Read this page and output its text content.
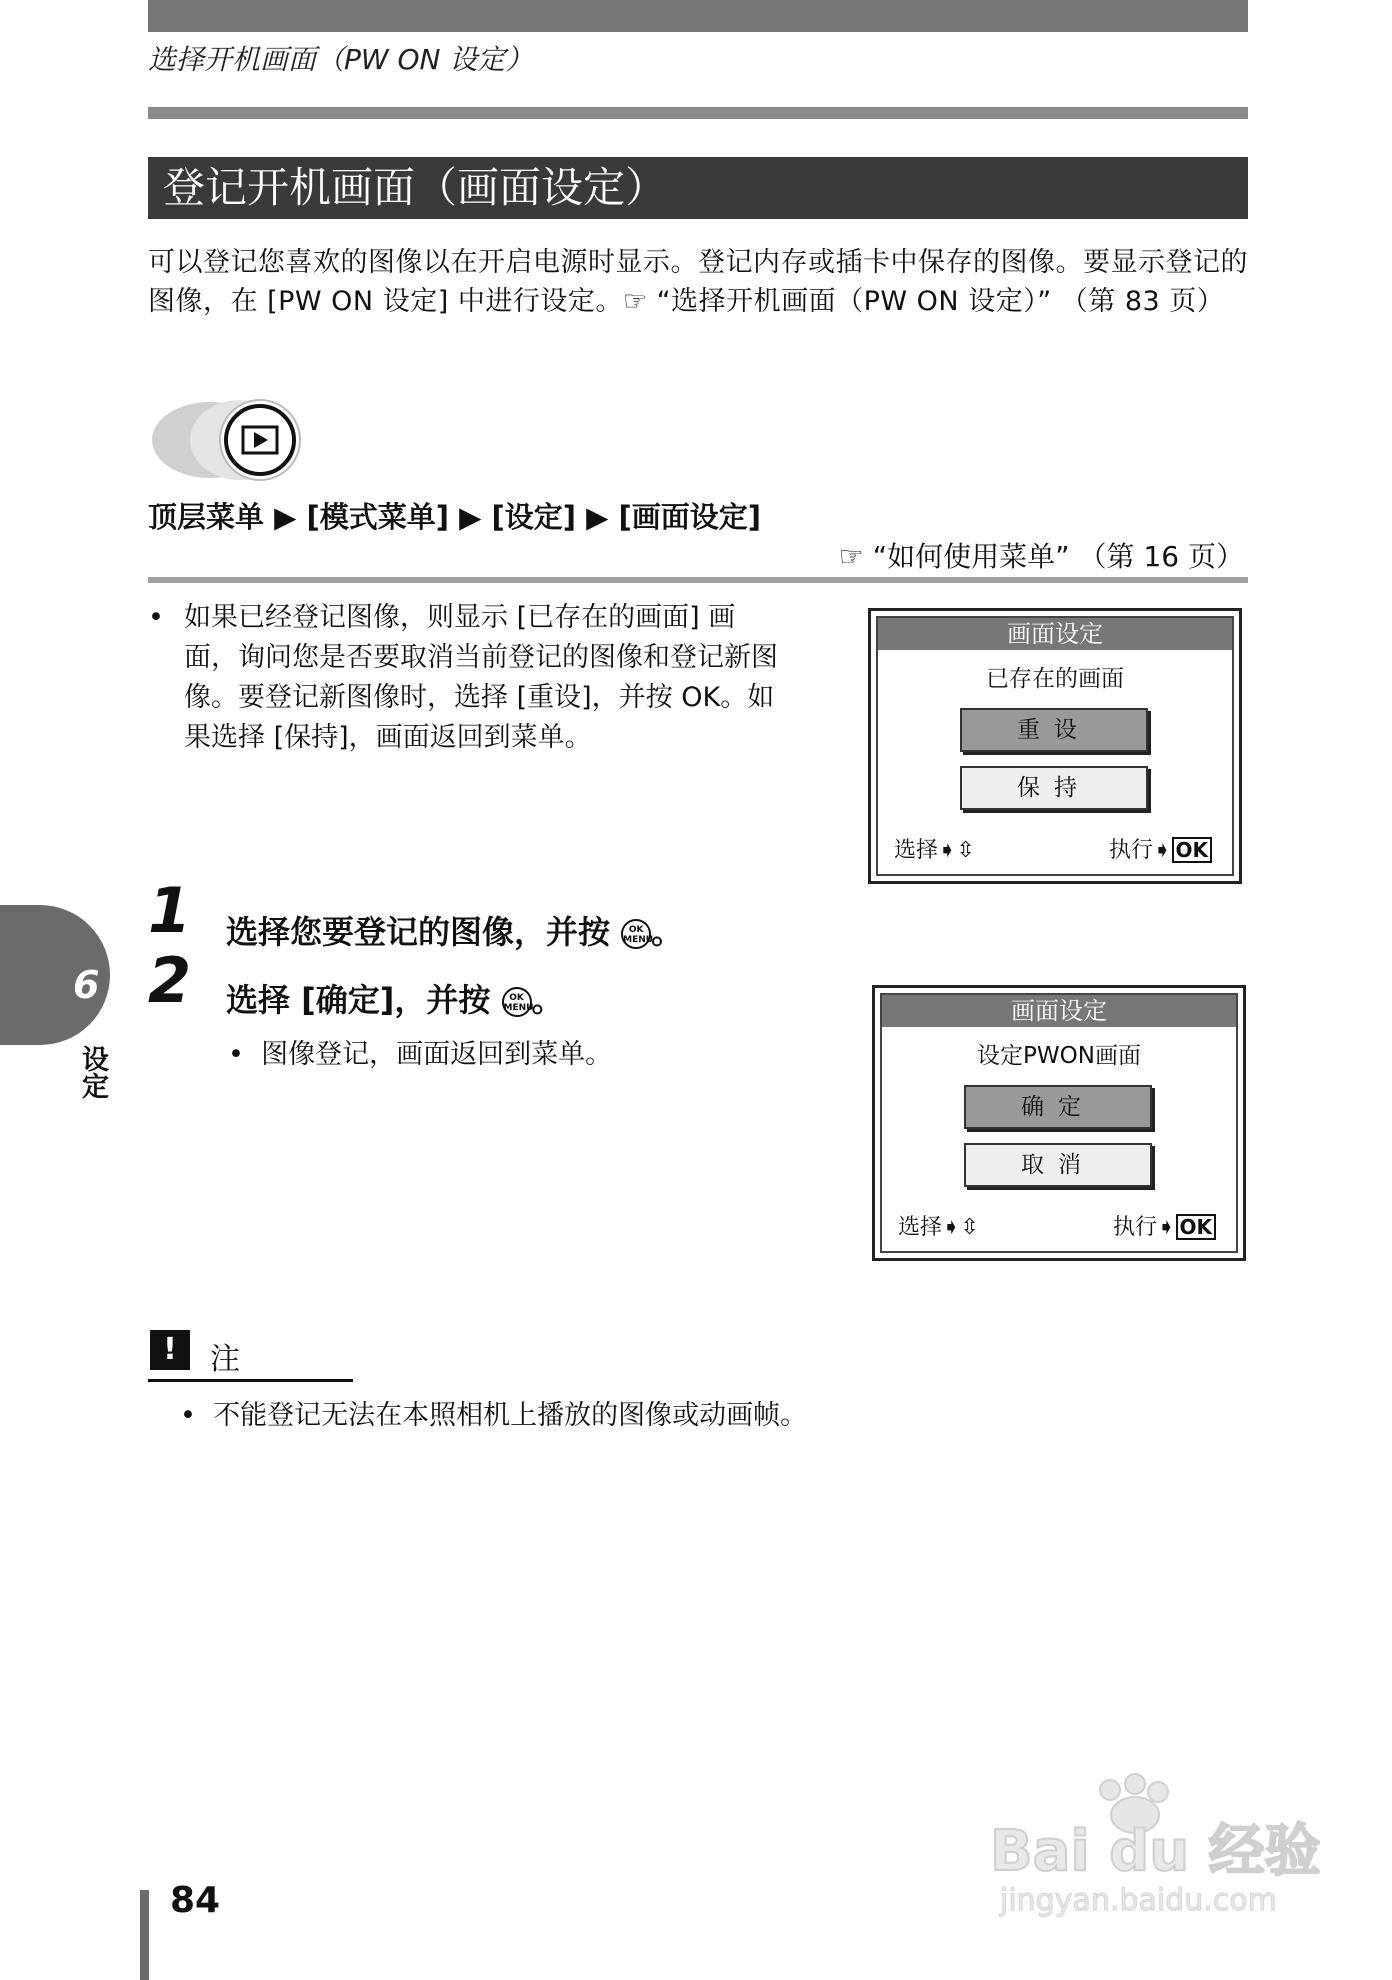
选择开机画面（PW ON 设定）
登记开机画面（画面设定）
可以登记您喜欢的图像以在开启电源时显示。登记内存或插卡中保存的图像。要显示登记的图像，在 [PW ON 设定] 中进行设定。☞ “选择开机画面（PW ON 设定）” （第 83 页）
顶层菜单 ▶ [模式菜单] ▶ [设定] ▶ [画面设定]
☞ “如何使用菜单” （第 16 页）
• 如果已经登记图像，则显示 [已存在的画面] 画面，询问您是否要取消当前登记的图像和登记新图像。要登记新图像时，选择 [重设]，并按 OK。如果选择 [保持]，画面返回到菜单。
画面设定
已存在的画面
重设
保持
选择➧⇳	执行➧ OK
1 选择您要登记的图像，并按 OK
MENU。
2 选择 [确定]，并按 OK
MENU。
• 图像登记，画面返回到菜单。
画面设定
设定PWON画面
确定
取消
选择➧⇳	执行➧ OK
6
设定
!	注
• 不能登记无法在本照相机上播放的图像或动画帧。
84
Bai du 经验
jingyan.baidu.com
